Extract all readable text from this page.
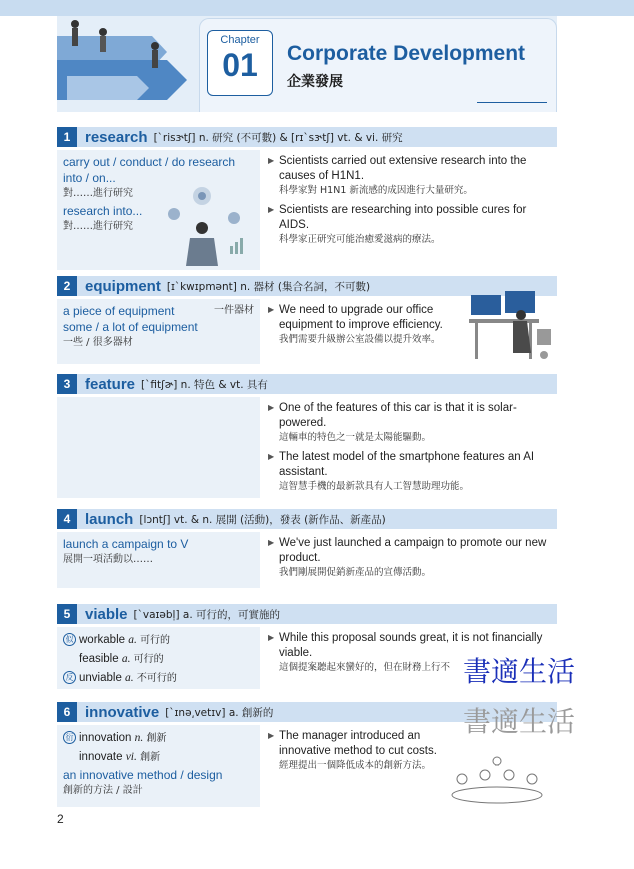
Chapter
01	Corporate Development
企業發展
1 research [ˋrisɝtʃ] n. 研究 (不可數) & [rɪˋsɝtʃ] vt. & vi. 研究
carry out / conduct / do research into / on...
對……進行研究
research into...
對……進行研究
▶ Scientists carried out extensive research into the causes of H1N1.
科學家對 H1N1 新流感的成因進行大量研究。
▶ Scientists are researching into possible cures for AIDS.
科學家正研究可能治癒愛滋病的療法。
2 equipment [ɪˋkwɪpmənt] n. 器材 (集合名詞，不可數)
a piece of equipment	一件器材
some / a lot of equipment
一些 / 很多器材
▶ We need to upgrade our office equipment to improve efficiency.
我們需要升級辦公室設備以提升效率。
3 feature [ˋfitʃɚ] n. 特色 & vt. 具有
▶ One of the features of this car is that it is solar-powered.
這輛車的特色之一就是太陽能驅動。
▶ The latest model of the smartphone features an AI assistant.
這智慧手機的最新款具有人工智慧助理功能。
4 launch [lɔntʃ] vt. & n. 展開 (活動)，發表 (新作品、新產品)
launch a campaign to V
展開一項活動以……
▶ We've just launched a campaign to promote our new product.
我們剛展開促銷新產品的宣傳活動。
5 viable [ˋvaɪəbl̩] a. 可行的，可實施的
似 workable a. 可行的
feasible a. 可行的
反 unviable a. 不可行的
▶ While this proposal sounds great, it is not financially viable.
這個提案聽起來蠻好的，但在財務上行不
6 innovative [ˋɪnə͵vetɪv] a. 創新的
衍 innovation n. 創新
innovate vi. 創新
an innovative method / design
創新的方法 / 設計
▶ The manager introduced an innovative method to cut costs.
經理提出一個降低成本的創新方法。
2
書適生活
書適生活
